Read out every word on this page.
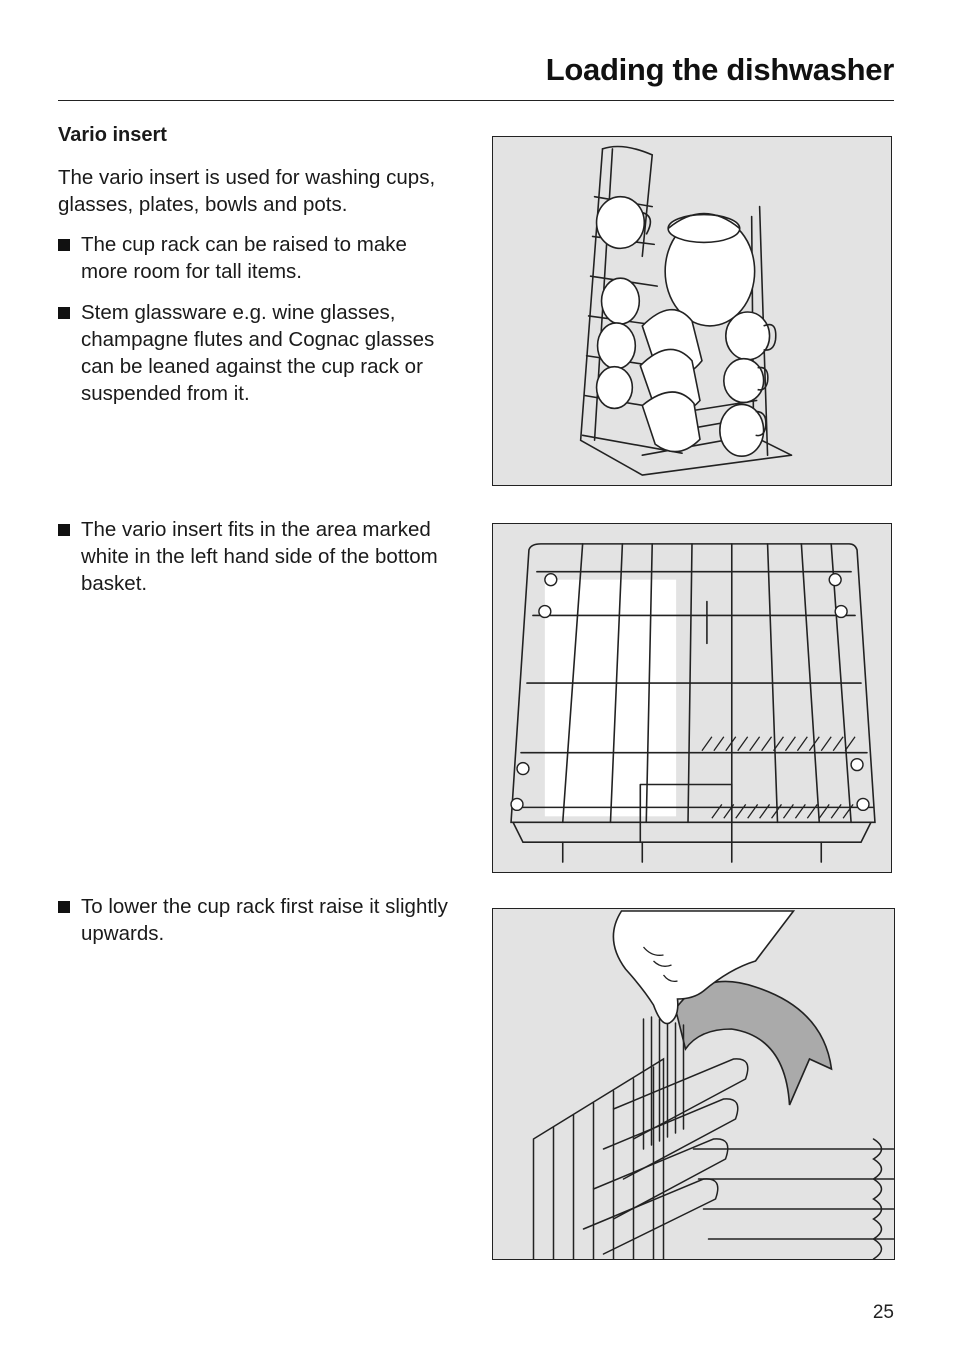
Loading the dishwasher
Vario insert

The vario insert is used for washing cups, glasses, plates, bowls and pots.

The cup rack can be raised to make more room for tall items.
Stem glassware e.g. wine glasses, champagne flutes and Cognac glasses can be leaned against the cup rack or suspended from it.
The vario insert fits in the area marked white in the left hand side of the bottom basket.
To lower the cup rack first raise it slightly upwards.
25
